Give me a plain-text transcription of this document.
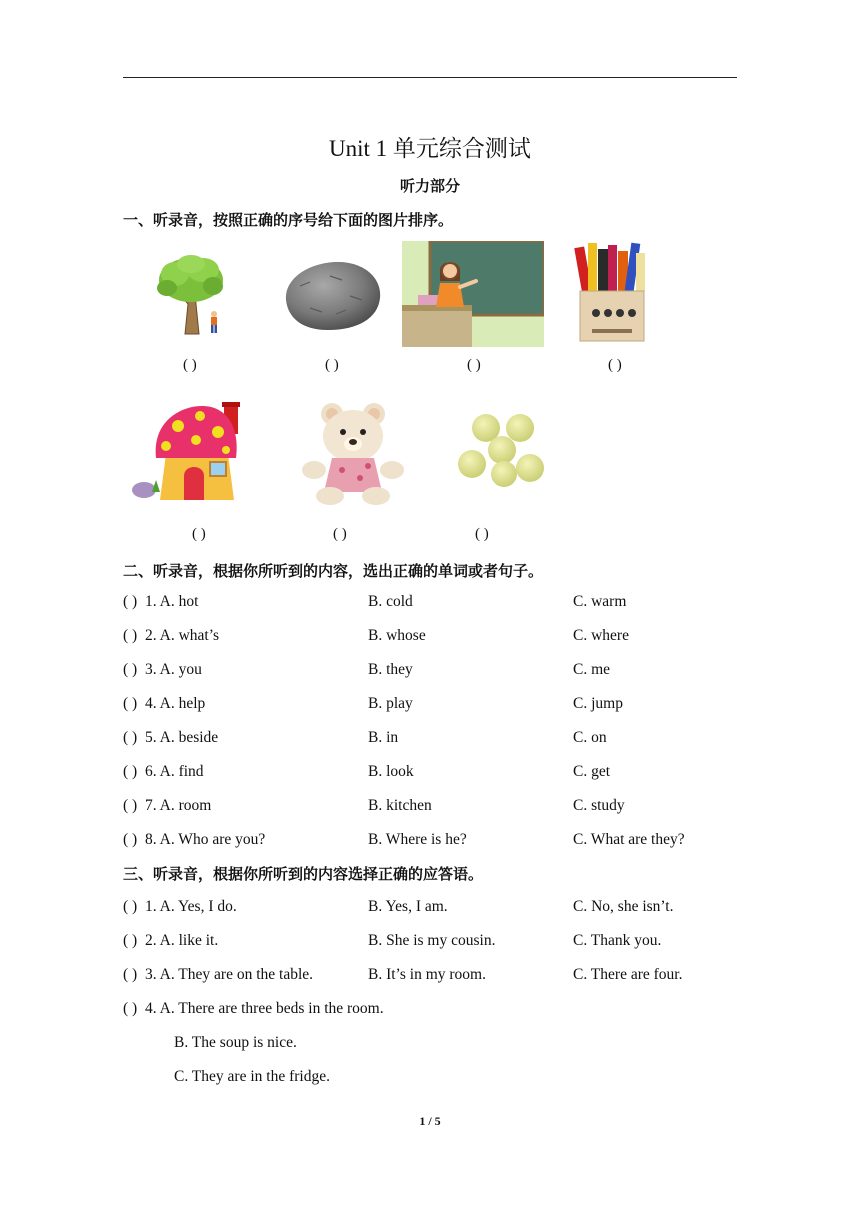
Unit 1 单元综合测试
听力部分
一、听录音，按照正确的序号给下面的图片排序。
( )	( )	( )	( )
( )	( )	( )
二、听录音，根据你所听到的内容，选出正确的单词或者句子。
( ) 1. A. hot	B. cold	C. warm
( ) 2. A. what’s	B. whose	C. where
( ) 3. A. you	B. they	C. me
( ) 4. A. help	B. play	C. jump
( ) 5. A. beside	B. in	C. on
( ) 6. A. find	B. look	C. get
( ) 7. A. room	B. kitchen	C. study
( ) 8. A. Who are you?	B. Where is he?	C. What are they?
三、听录音，根据你所听到的内容选择正确的应答语。
( ) 1. A. Yes, I do.	B. Yes, I am.	C. No, she isn’t.
( ) 2. A. like it.	B. She is my cousin.	C. Thank you.
( ) 3. A. They are on the table.	B. It’s in my room.	C. There are four.
( ) 4. A. There are three beds in the room.
B. The soup is nice.
C. They are in the fridge.
1 / 5
